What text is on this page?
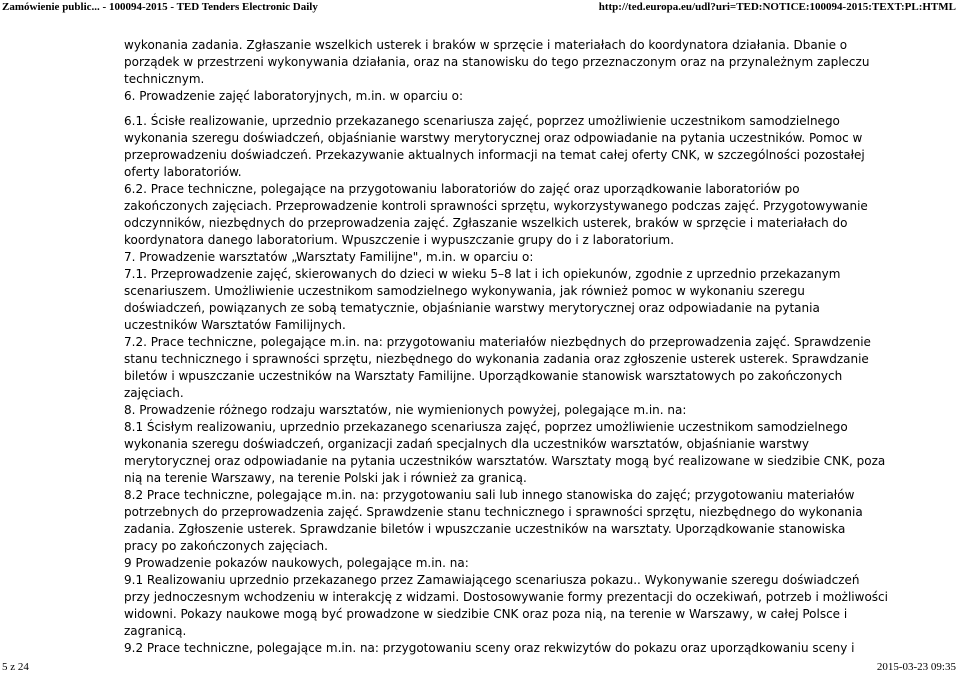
Zamówienie public... - 100094-2015 - TED Tenders Electronic Daily	http://ted.europa.eu/udl?uri=TED:NOTICE:100094-2015:TEXT:PL:HTML
wykonania zadania. Zgłaszanie wszelkich usterek i braków w sprzęcie i materiałach do koordynatora działania. Dbanie o
porządek w przestrzeni wykonywania działania, oraz na stanowisku do tego przeznaczonym oraz na przynależnym zapleczu
technicznym.
6. Prowadzenie zajęć laboratoryjnych, m.in. w oparciu o:
6.1. Ścisłe realizowanie, uprzednio przekazanego scenariusza zajęć, poprzez umożliwienie uczestnikom samodzielnego
wykonania szeregu doświadczeń, objaśnianie warstwy merytorycznej oraz odpowiadanie na pytania uczestników. Pomoc w
przeprowadzeniu doświadczeń. Przekazywanie aktualnych informacji na temat całej oferty CNK, w szczególności pozostałej
oferty laboratoriów.
6.2. Prace techniczne, polegające na przygotowaniu laboratoriów do zajęć oraz uporządkowanie laboratoriów po
zakończonych zajęciach. Przeprowadzenie kontroli sprawności sprzętu, wykorzystywanego podczas zajęć. Przygotowywanie
odczynników, niezbędnych do przeprowadzenia zajęć. Zgłaszanie wszelkich usterek, braków w sprzęcie i materiałach do
koordynatora danego laboratorium. Wpuszczenie i wypuszczanie grupy do i z laboratorium.
7. Prowadzenie warsztatów „Warsztaty Familijne", m.in. w oparciu o:
7.1. Przeprowadzenie zajęć, skierowanych do dzieci w wieku 5–8 lat i ich opiekunów, zgodnie z uprzednio przekazanym
scenariuszem. Umożliwienie uczestnikom samodzielnego wykonywania, jak również pomoc w wykonaniu szeregu
doświadczeń, powiązanych ze sobą tematycznie, objaśnianie warstwy merytorycznej oraz odpowiadanie na pytania
uczestników Warsztatów Familijnych.
7.2. Prace techniczne, polegające m.in. na: przygotowaniu materiałów niezbędnych do przeprowadzenia zajęć. Sprawdzenie
stanu technicznego i sprawności sprzętu, niezbędnego do wykonania zadania oraz zgłoszenie usterek usterek. Sprawdzanie
biletów i wpuszczanie uczestników na Warsztaty Familijne. Uporządkowanie stanowisk warsztatowych po zakończonych
zajęciach.
8. Prowadzenie różnego rodzaju warsztatów, nie wymienionych powyżej, polegające m.in. na:
8.1 Ścisłym realizowaniu, uprzednio przekazanego scenariusza zajęć, poprzez umożliwienie uczestnikom samodzielnego
wykonania szeregu doświadczeń, organizacji zadań specjalnych dla uczestników warsztatów, objaśnianie warstwy
merytorycznej oraz odpowiadanie na pytania uczestników warsztatów. Warsztaty mogą być realizowane w siedzibie CNK, poza
nią na terenie Warszawy, na terenie Polski jak i również za granicą.
8.2 Prace techniczne, polegające m.in. na: przygotowaniu sali lub innego stanowiska do zajęć; przygotowaniu materiałów
potrzebnych do przeprowadzenia zajęć. Sprawdzenie stanu technicznego i sprawności sprzętu, niezbędnego do wykonania
zadania. Zgłoszenie usterek. Sprawdzanie biletów i wpuszczanie uczestników na warsztaty. Uporządkowanie stanowiska
pracy po zakończonych zajęciach.
9 Prowadzenie pokazów naukowych, polegające m.in. na:
9.1 Realizowaniu uprzednio przekazanego przez Zamawiającego scenariusza pokazu.. Wykonywanie szeregu doświadczeń
przy jednoczesnym wchodzeniu w interakcję z widzami. Dostosowywanie formy prezentacji do oczekiwań, potrzeb i możliwości
widowni. Pokazy naukowe mogą być prowadzone w siedzibie CNK oraz poza nią, na terenie w Warszawy, w całej Polsce i
zagranicą.
9.2 Prace techniczne, polegające m.in. na: przygotowaniu sceny oraz rekwizytów do pokazu oraz uporządkowaniu sceny i
5 z 24	2015-03-23 09:35
